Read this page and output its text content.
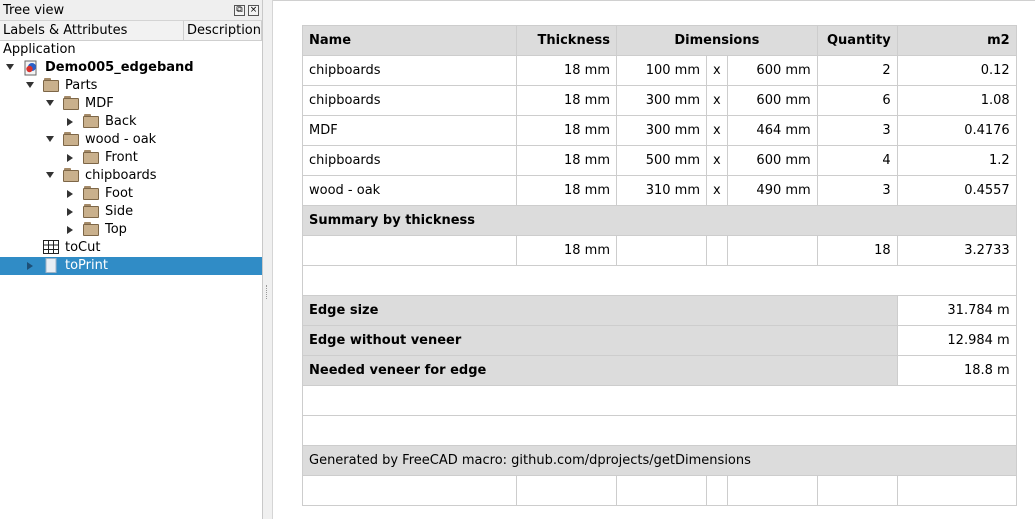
Tree view	⧉ ×
Labels & Attributes	Description
Application
Demo005_edgeband
Parts
MDF
Back
wood - oak
Front
chipboards
Foot
Side
Top
toCut
toPrint
Name	Thickness	Dimensions			Quantity	m2
chipboards	18 mm	100 mm	x	600 mm	2	0.12
chipboards	18 mm	300 mm	x	600 mm	6	1.08
MDF	18 mm	300 mm	x	464 mm	3	0.4176
chipboards	18 mm	500 mm	x	600 mm	4	1.2
wood - oak	18 mm	310 mm	x	490 mm	3	0.4557
Summary by thickness						
	18 mm				18	3.2733

Edge size						31.784 m
Edge without veneer						12.984 m
Needed veneer for edge						18.8 m

Generated by FreeCAD macro: github.com/dprojects/getDimensions						
